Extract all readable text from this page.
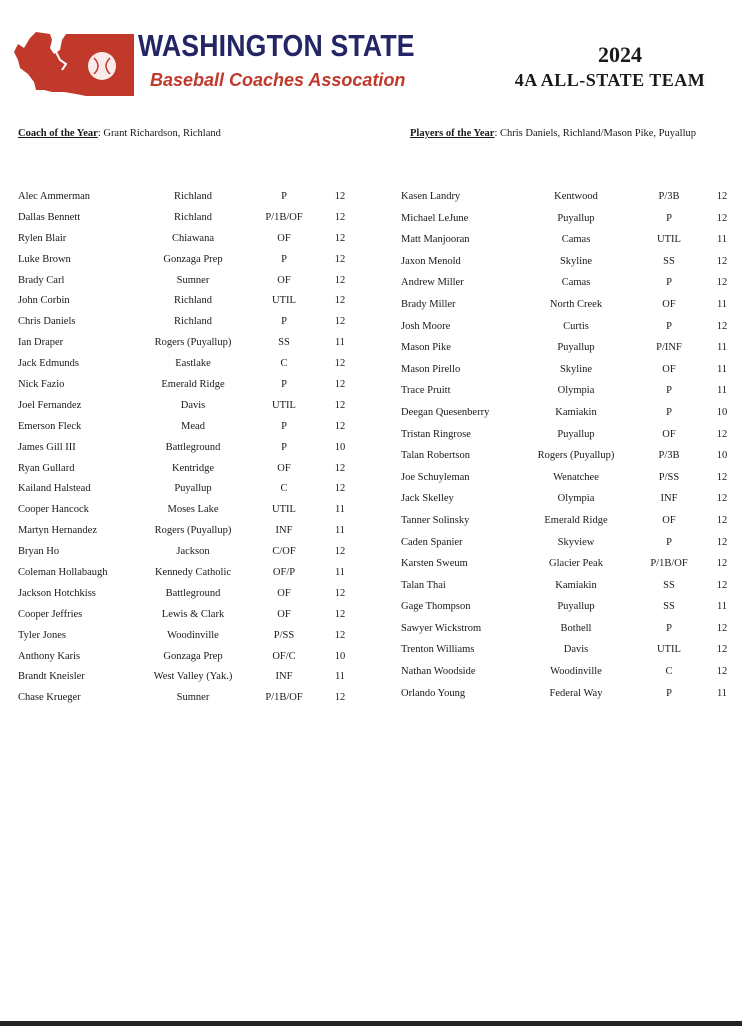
WASHINGTON STATE
Baseball Coaches Assocation
2024
4A ALL-STATE TEAM
Coach of the Year: Grant Richardson, Richland	Players of the Year: Chris Daniels, Richland/Mason Pike, Puyallup
Alec Ammerman	Richland	P	12
Dallas Bennett	Richland	P/1B/OF	12
Rylen Blair	Chiawana	OF	12
Luke Brown	Gonzaga Prep	P	12
Brady Carl	Sumner	OF	12
John Corbin	Richland	UTIL	12
Chris Daniels	Richland	P	12
Ian Draper	Rogers (Puyallup)	SS	11
Jack Edmunds	Eastlake	C	12
Nick Fazio	Emerald Ridge	P	12
Joel Fernandez	Davis	UTIL	12
Emerson Fleck	Mead	P	12
James Gill III	Battleground	P	10
Ryan Gullard	Kentridge	OF	12
Kailand Halstead	Puyallup	C	12
Cooper Hancock	Moses Lake	UTIL	11
Martyn Hernandez	Rogers (Puyallup)	INF	11
Bryan Ho	Jackson	C/OF	12
Coleman Hollabaugh	Kennedy Catholic	OF/P	11
Jackson Hotchkiss	Battleground	OF	12
Cooper Jeffries	Lewis & Clark	OF	12
Tyler Jones	Woodinville	P/SS	12
Anthony Karis	Gonzaga Prep	OF/C	10
Brandt Kneisler	West Valley (Yak.)	INF	11
Chase Krueger	Sumner	P/1B/OF	12
Kasen Landry	Kentwood	P/3B	12
Michael LeJune	Puyallup	P	12
Matt Manjooran	Camas	UTIL	11
Jaxon Menold	Skyline	SS	12
Andrew Miller	Camas	P	12
Brady Miller	North Creek	OF	11
Josh Moore	Curtis	P	12
Mason Pike	Puyallup	P/INF	11
Mason Pirello	Skyline	OF	11
Trace Pruitt	Olympia	P	11
Deegan Quesenberry	Kamiakin	P	10
Tristan Ringrose	Puyallup	OF	12
Talan Robertson	Rogers (Puyallup)	P/3B	10
Joe Schuyleman	Wenatchee	P/SS	12
Jack Skelley	Olympia	INF	12
Tanner Solinsky	Emerald Ridge	OF	12
Caden Spanier	Skyview	P	12
Karsten Sweum	Glacier Peak	P/1B/OF	12
Talan Thai	Kamiakin	SS	12
Gage Thompson	Puyallup	SS	11
Sawyer Wickstrom	Bothell	P	12
Trenton Williams	Davis	UTIL	12
Nathan Woodside	Woodinville	C	12
Orlando Young	Federal Way	P	11
